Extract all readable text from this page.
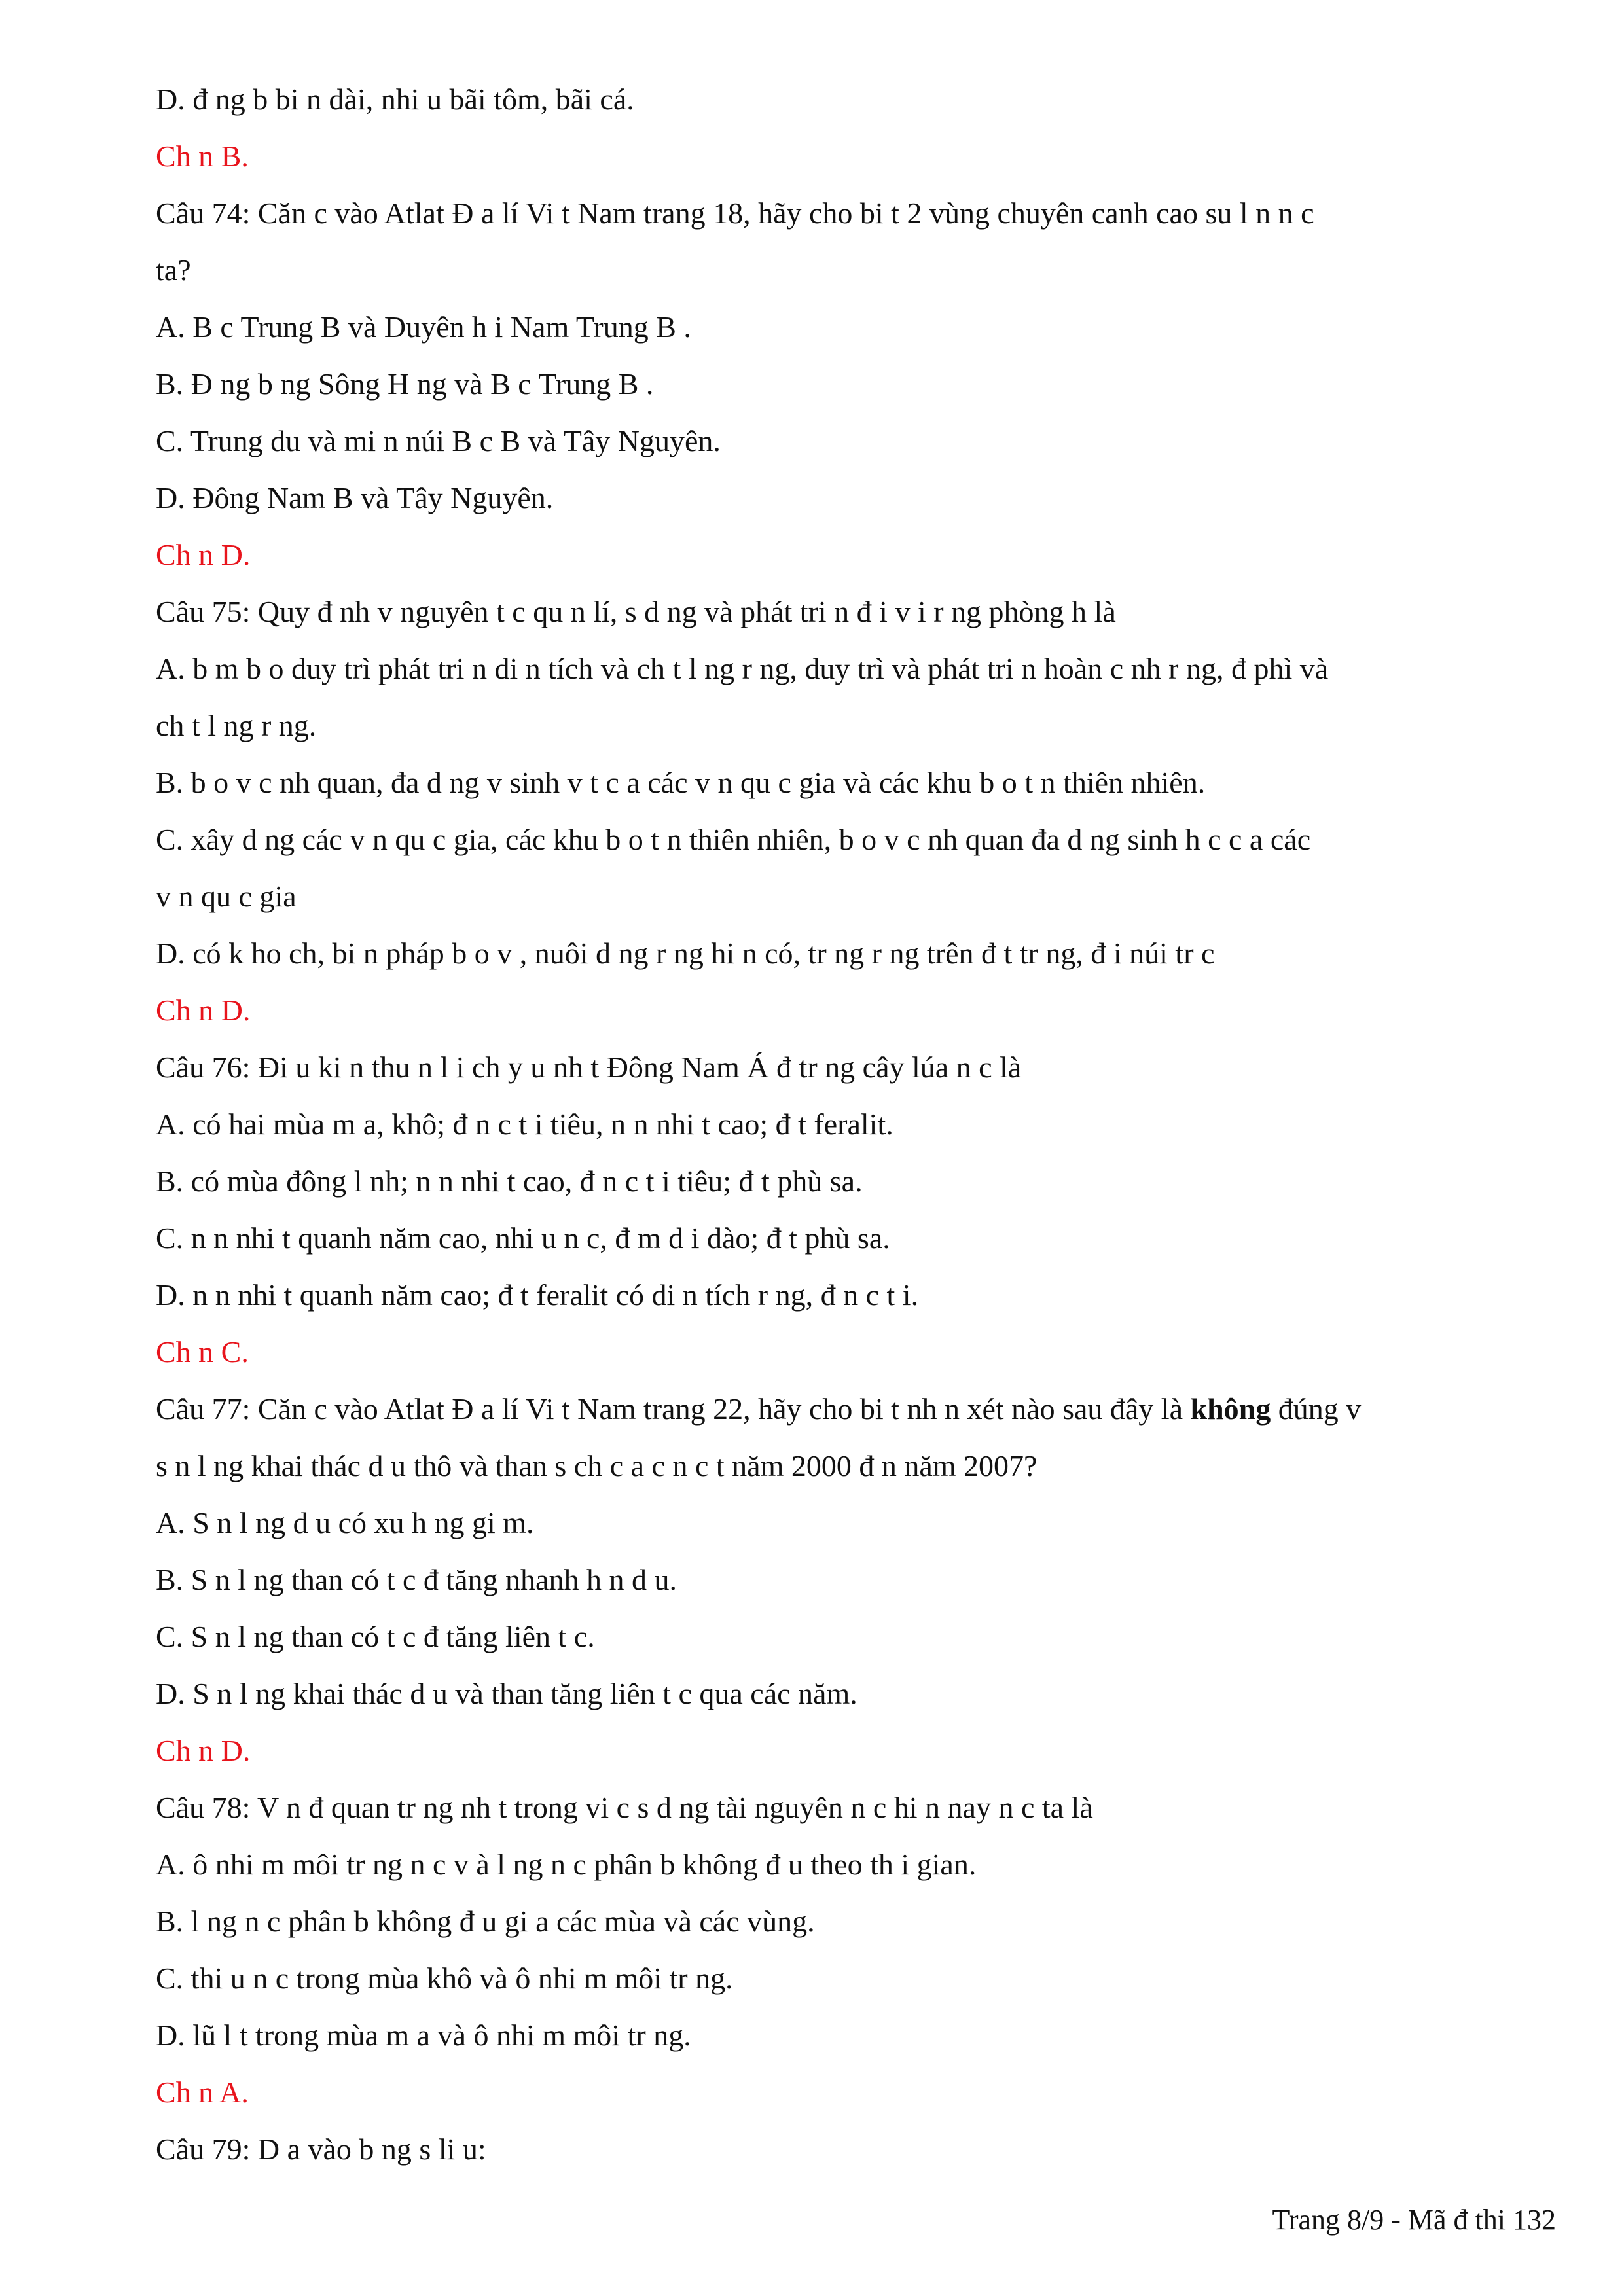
D. đ ng b bi n dài, nhi u bãi tôm, bãi cá.
Ch n B.
Câu 74: Căn c vào Atlat Đ a lí Vi t Nam trang 18, hãy cho bi t 2 vùng chuyên canh cao su l n n c
ta?
A. B c Trung B và Duyên h i Nam Trung B .
B. Đ ng b ng Sông H ng và B c Trung B .
C. Trung du và mi n núi B c B và Tây Nguyên.
D. Đông Nam B và Tây Nguyên.
Ch n D.
Câu 75: Quy đ nh v nguyên t c qu n lí, s d ng và phát tri n đ i v i r ng phòng h là
A. b m b o duy trì phát tri n di n tích và ch t l ng r ng, duy trì và phát tri n hoàn c nh r ng, đ phì và
ch t l ng r ng.
B. b o v c nh quan, đa d ng v sinh v t c a các v n qu c gia và các khu b o t n thiên nhiên.
C. xây d ng các v n qu c gia, các khu b o t n thiên nhiên, b o v c nh quan đa d ng sinh h c c a các
v n qu c gia
D. có k ho ch, bi n pháp b o v , nuôi d ng r ng hi n có, tr ng r ng trên đ t tr ng, đ i núi tr c
Ch n D.
Câu 76: Đi u ki n thu n l i ch y u nh t Đông Nam Á đ tr ng cây lúa n c là
A. có hai mùa m a, khô; đ n c t i tiêu, n n nhi t cao; đ t feralit.
B. có mùa đông l nh; n n nhi t cao, đ n c t i tiêu; đ t phù sa.
C. n n nhi t quanh năm cao, nhi u n c, đ m d i dào; đ t phù sa.
D. n n nhi t quanh năm cao; đ t feralit có di n tích r ng, đ n c t i.
Ch n C.
Câu 77: Căn c vào Atlat Đ a lí Vi t Nam trang 22, hãy cho bi t nh n xét nào sau đây là không đúng v
s n l ng khai thác d u thô và than s ch c a c n c t năm 2000 đ n năm 2007?
A. S n l ng d u có xu h ng gi m.
B. S n l ng than có t c đ tăng nhanh h n d u.
C. S n l ng than có t c đ tăng liên t c.
D. S n l ng khai thác d u và than tăng liên t c qua các năm.
Ch n D.
Câu 78: V n đ quan tr ng nh t trong vi c s d ng tài nguyên n c hi n nay n c ta là
A. ô nhi m môi tr ng n c v à l ng n c phân b không đ u theo th i gian.
B. l ng n c phân b không đ u gi a các mùa và các vùng.
C. thi u n c trong mùa khô và ô nhi m môi tr ng.
D. lũ l t trong mùa m a và ô nhi m môi tr ng.
Ch n A.
Câu 79: D a vào b ng s li u:
Trang 8/9 - Mã đ thi 132
